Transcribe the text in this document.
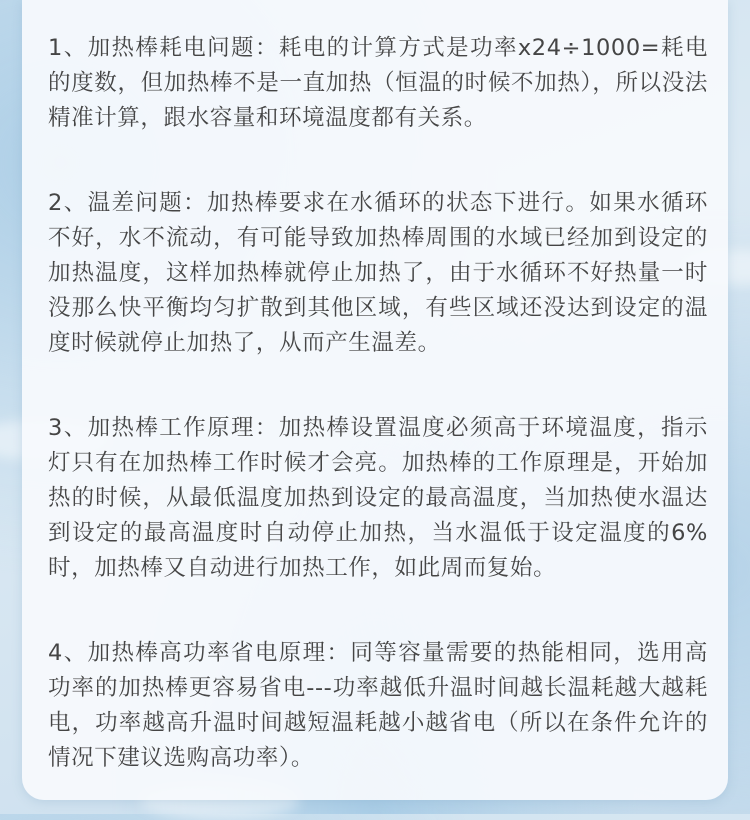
1、加热棒耗电问题：耗电的计算方式是功率x24÷1000=耗电的度数，但加热棒不是一直加热（恒温的时候不加热），所以没法精准计算，跟水容量和环境温度都有关系。

2、温差问题：加热棒要求在水循环的状态下进行。如果水循环不好，水不流动，有可能导致加热棒周围的水域已经加到设定的加热温度，这样加热棒就停止加热了，由于水循环不好热量一时没那么快平衡均匀扩散到其他区域，有些区域还没达到设定的温度时候就停止加热了，从而产生温差。

3、加热棒工作原理：加热棒设置温度必须高于环境温度，指示灯只有在加热棒工作时候才会亮。加热棒的工作原理是，开始加热的时候，从最低温度加热到设定的最高温度，当加热使水温达到设定的最高温度时自动停止加热，当水温低于设定温度的6%时，加热棒又自动进行加热工作，如此周而复始。

4、加热棒高功率省电原理：同等容量需要的热能相同，选用高功率的加热棒更容易省电---功率越低升温时间越长温耗越大越耗电，功率越高升温时间越短温耗越小越省电（所以在条件允许的情况下建议选购高功率）。
